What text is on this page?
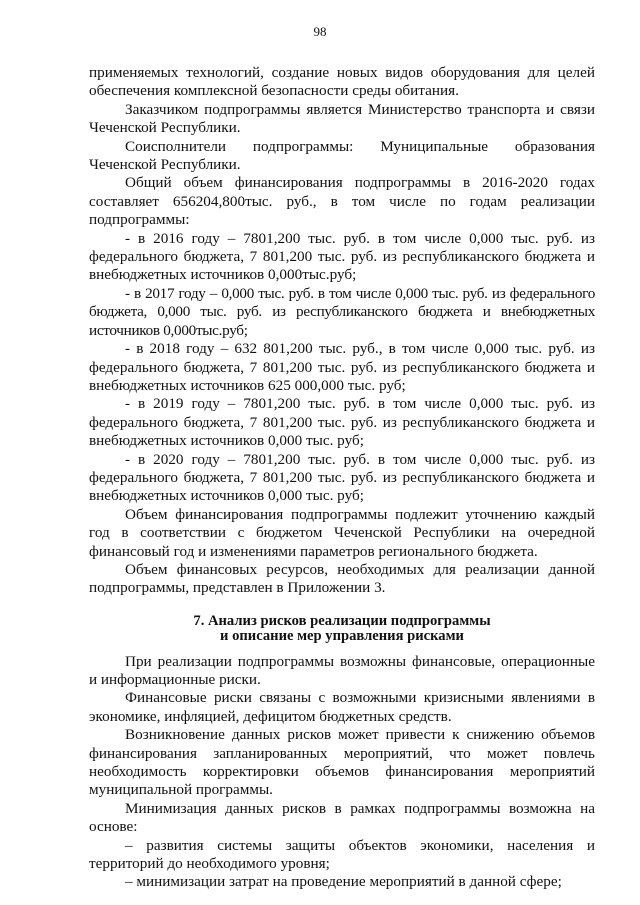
98

применяемых технологий, создание новых видов оборудования для целей обеспечения комплексной безопасности среды обитания.

Заказчиком подпрограммы является Министерство транспорта и связи Чеченской Республики.

Соисполнители подпрограммы: Муниципальные образования Чеченской Республики.

Общий объем финансирования подпрограммы в 2016-2020 годах составляет 656204,800тыс. руб., в том числе по годам реализации подпрограммы:

- в 2016 году – 7801,200 тыс. руб. в том числе 0,000 тыс. руб. из федерального бюджета, 7 801,200 тыс. руб. из республиканского бюджета и внебюджетных источников 0,000тыс.руб;

- в 2017 году – 0,000 тыс. руб. в том числе 0,000 тыс. руб. из федерального бюджета, 0,000 тыс. руб. из республиканского бюджета и внебюджетных источников 0,000тыс.руб;

- в 2018 году – 632 801,200 тыс. руб., в том числе 0,000 тыс. руб. из федерального бюджета, 7 801,200 тыс. руб. из республиканского бюджета и внебюджетных источников 625 000,000 тыс. руб;

- в 2019 году – 7801,200 тыс. руб. в том числе 0,000 тыс. руб. из федерального бюджета, 7 801,200 тыс. руб. из республиканского бюджета и внебюджетных источников 0,000 тыс. руб;

- в 2020 году – 7801,200 тыс. руб. в том числе 0,000 тыс. руб. из федерального бюджета, 7 801,200 тыс. руб. из республиканского бюджета и внебюджетных источников 0,000 тыс. руб;

Объем финансирования подпрограммы подлежит уточнению каждый год в соответствии с бюджетом Чеченской Республики на очередной финансовый год и изменениями параметров регионального бюджета.

Объем финансовых ресурсов, необходимых для реализации данной подпрограммы, представлен в Приложении 3.

7. Анализ рисков реализации подпрограммы
и описание мер управления рисками

При реализации подпрограммы возможны финансовые, операционные и информационные риски.

Финансовые риски связаны с возможными кризисными явлениями в экономике, инфляцией, дефицитом бюджетных средств.

Возникновение данных рисков может привести к снижению объемов финансирования запланированных мероприятий, что может повлечь необходимость корректировки объемов финансирования мероприятий муниципальной программы.

Минимизация данных рисков в рамках подпрограммы возможна на основе:

– развития системы защиты объектов экономики, населения и территорий до необходимого уровня;

– минимизации затрат на проведение мероприятий в данной сфере;
